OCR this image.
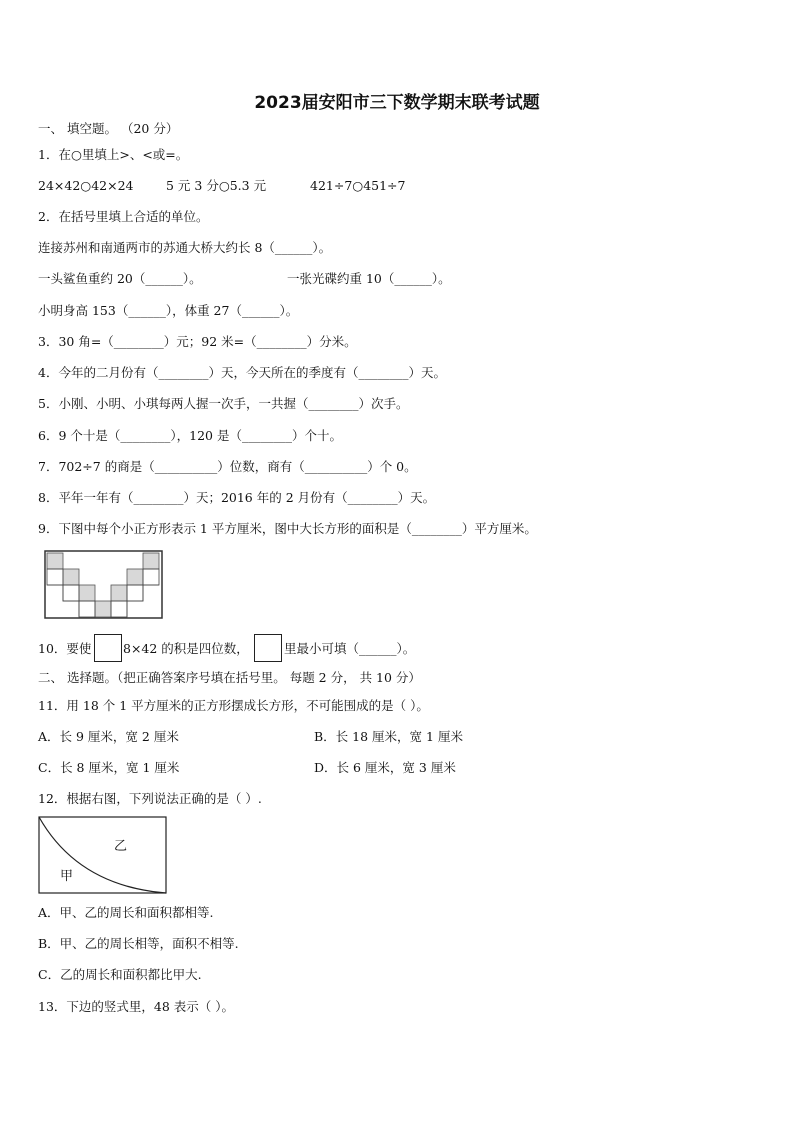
2023届安阳市三下数学期末联考试题
一、 填空题。 （20 分）
1．在○里填上>、<或=。
24×42○42×24	5 元 3 分○5.3 元	421÷7○451÷7
2．在括号里填上合适的单位。
连接苏州和南通两市的苏通大桥大约长 8（______）。
一头鲨鱼重约 20（______）。	一张光碟约重 10（______）。
小明身高 153（______），体重 27（______）。
3．30 角=（________）元；92 米=（________）分米。
4．今年的二月份有（________）天，今天所在的季度有（________）天。
5．小刚、小明、小琪每两人握一次手，一共握（________）次手。
6．9 个十是（________），120 是（________）个十。
7．702÷7 的商是（__________）位数，商有（__________）个 0。
8．平年一年有（________）天；2016 年的 2 月份有（________）天。
9．下图中每个小正方形表示 1 平方厘米，图中大长方形的面积是（________）平方厘米。
10．要使	8×42 的积是四位数，	里最小可填（______）。
二、 选择题。（把正确答案序号填在括号里。 每题 2 分， 共 10 分）
11．用 18 个 1 平方厘米的正方形摆成长方形，不可能围成的是（ ）。
A．长 9 厘米，宽 2 厘米	B．长 18 厘米，宽 1 厘米
C．长 8 厘米，宽 1 厘米	D．长 6 厘米，宽 3 厘米
12．根据右图，下列说法正确的是（ ）.
乙
甲
A．甲、乙的周长和面积都相等.
B．甲、乙的周长相等，面积不相等.
C．乙的周长和面积都比甲大.
13．下边的竖式里，48 表示（ ）。
